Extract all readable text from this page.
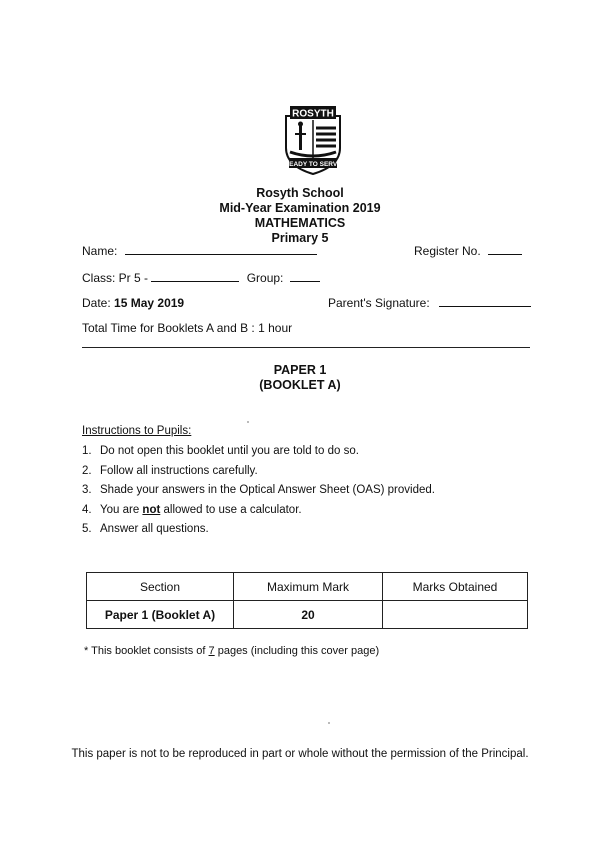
ROSYTH
READY TO SERVE
Rosyth School
Mid-Year Examination 2019
MATHEMATICS
Primary 5
Name:	Register No.
Class: Pr 5 -	Group:
Date: 15 May 2019	Parent's Signature:
Total Time for Booklets A and B : 1 hour
PAPER 1
(BOOKLET A)
Instructions to Pupils:
1. Do not open this booklet until you are told to do so.
2. Follow all instructions carefully.
3. Shade your answers in the Optical Answer Sheet (OAS) provided.
4. You are not allowed to use a calculator.
5. Answer all questions.
Section	Maximum Mark	Marks Obtained
Paper 1 (Booklet A)	20	
* This booklet consists of 7 pages (including this cover page)
This paper is not to be reproduced in part or whole without the permission of the Principal.
